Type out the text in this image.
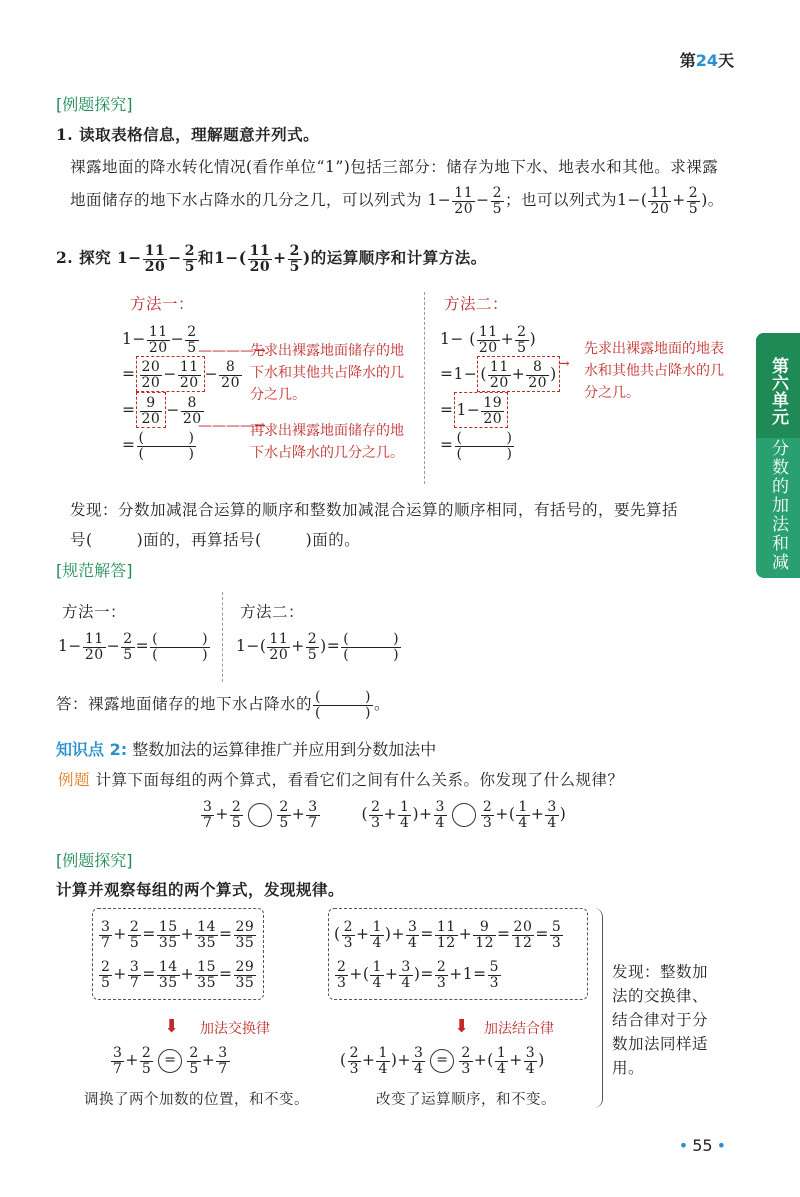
第24天
第六单元
分数的加法和减法
[例题探究]
1. 读取表格信息，理解题意并列式。
裸露地面的降水转化情况(看作单位“1”)包括三部分：储存为地下水、地表水和其他。求裸露
地面储存的地下水占降水的几分之几，可以列式为 $1- \frac{11}{20} - \frac{2}{5}$ ；也可以列式为$1-( \frac{11}{20} + \frac{2}{5}$ )。
2. 探究 $1- \frac{11}{20} - \frac{2}{5}$ 和$1-( \frac{11}{20} + \frac{2}{5}$ )的运算顺序和计算方法。
方法一：
$1- \frac{11}{20} - \frac{2}{5}$
= $\frac{20}{20} - \frac{11}{20} - \frac{8}{20}$
= $\frac{9}{20} - \frac{8}{20}$
= (	)
(	)
————→
————→
先求出裸露地面储存的地下水和其他共占降水的几分之几。
再求出裸露地面储存的地下水占降水的几分之几。
方法二：
1− ( $\frac{11}{20} + \frac{2}{5}$ )
=1− ( $\frac{11}{20} + \frac{8}{20}$ )
= $1- \frac{19}{20}$
= (	)
(	)
→
先求出裸露地面的地表水和其他共占降水的几分之几。
发现：分数加减混合运算的顺序和整数加减混合运算的顺序相同，有括号的，要先算括
号(	)面的，再算括号(	)面的。
[规范解答]
方法一：	方法二：
$1- \frac{11}{20} - \frac{2}{5}$ = (	)
(	) $1-( \frac{11}{20} + \frac{2}{5}$ )= (	)
(	)
答：裸露地面储存的地下水占降水的 (	)
(	) 。
知识点 2: 整数加法的运算律推广并应用到分数加法中
例题 计算下面每组的两个算式，看看它们之间有什么关系。你发现了什么规律？
$\frac{3}{7} + \frac{2}{5} \frac{2}{5} + \frac{3}{7}$ ( $\frac{2}{3} + \frac{1}{4}$ )+ $\frac{3}{4} \frac{2}{3}$ +( $\frac{1}{4} + \frac{3}{4}$ )
[例题探究]
计算并观察每组的两个算式，发现规律。
$\frac{3}{7} + \frac{2}{5} = \frac{15}{35} + \frac{14}{35} = \frac{29}{35}$
$\frac{2}{5} + \frac{3}{7} = \frac{14}{35} + \frac{15}{35} = \frac{29}{35}$
( $\frac{2}{3} + \frac{1}{4}$ )+ $\frac{3}{4} = \frac{11}{12} + \frac{9}{12} = \frac{20}{12} = \frac{5}{3}$
$\frac{2}{3}$ +( $\frac{1}{4} + \frac{3}{4}$ )= $\frac{2}{3} +1= \frac{5}{3}$	发现：整数加法的交换律、结合律对于分数加法同样适用。
⬇ 加法交换律	⬇ 加法结合律
$\frac{3}{7} + \frac{2}{5} = \frac{2}{5} + \frac{3}{7}$	( $\frac{2}{3} + \frac{1}{4}$ )+ $\frac{3}{4} = \frac{2}{3}$ +( $\frac{1}{4} + \frac{3}{4}$ )
调换了两个加数的位置，和不变。	改变了运算顺序，和不变。
• 55 •
